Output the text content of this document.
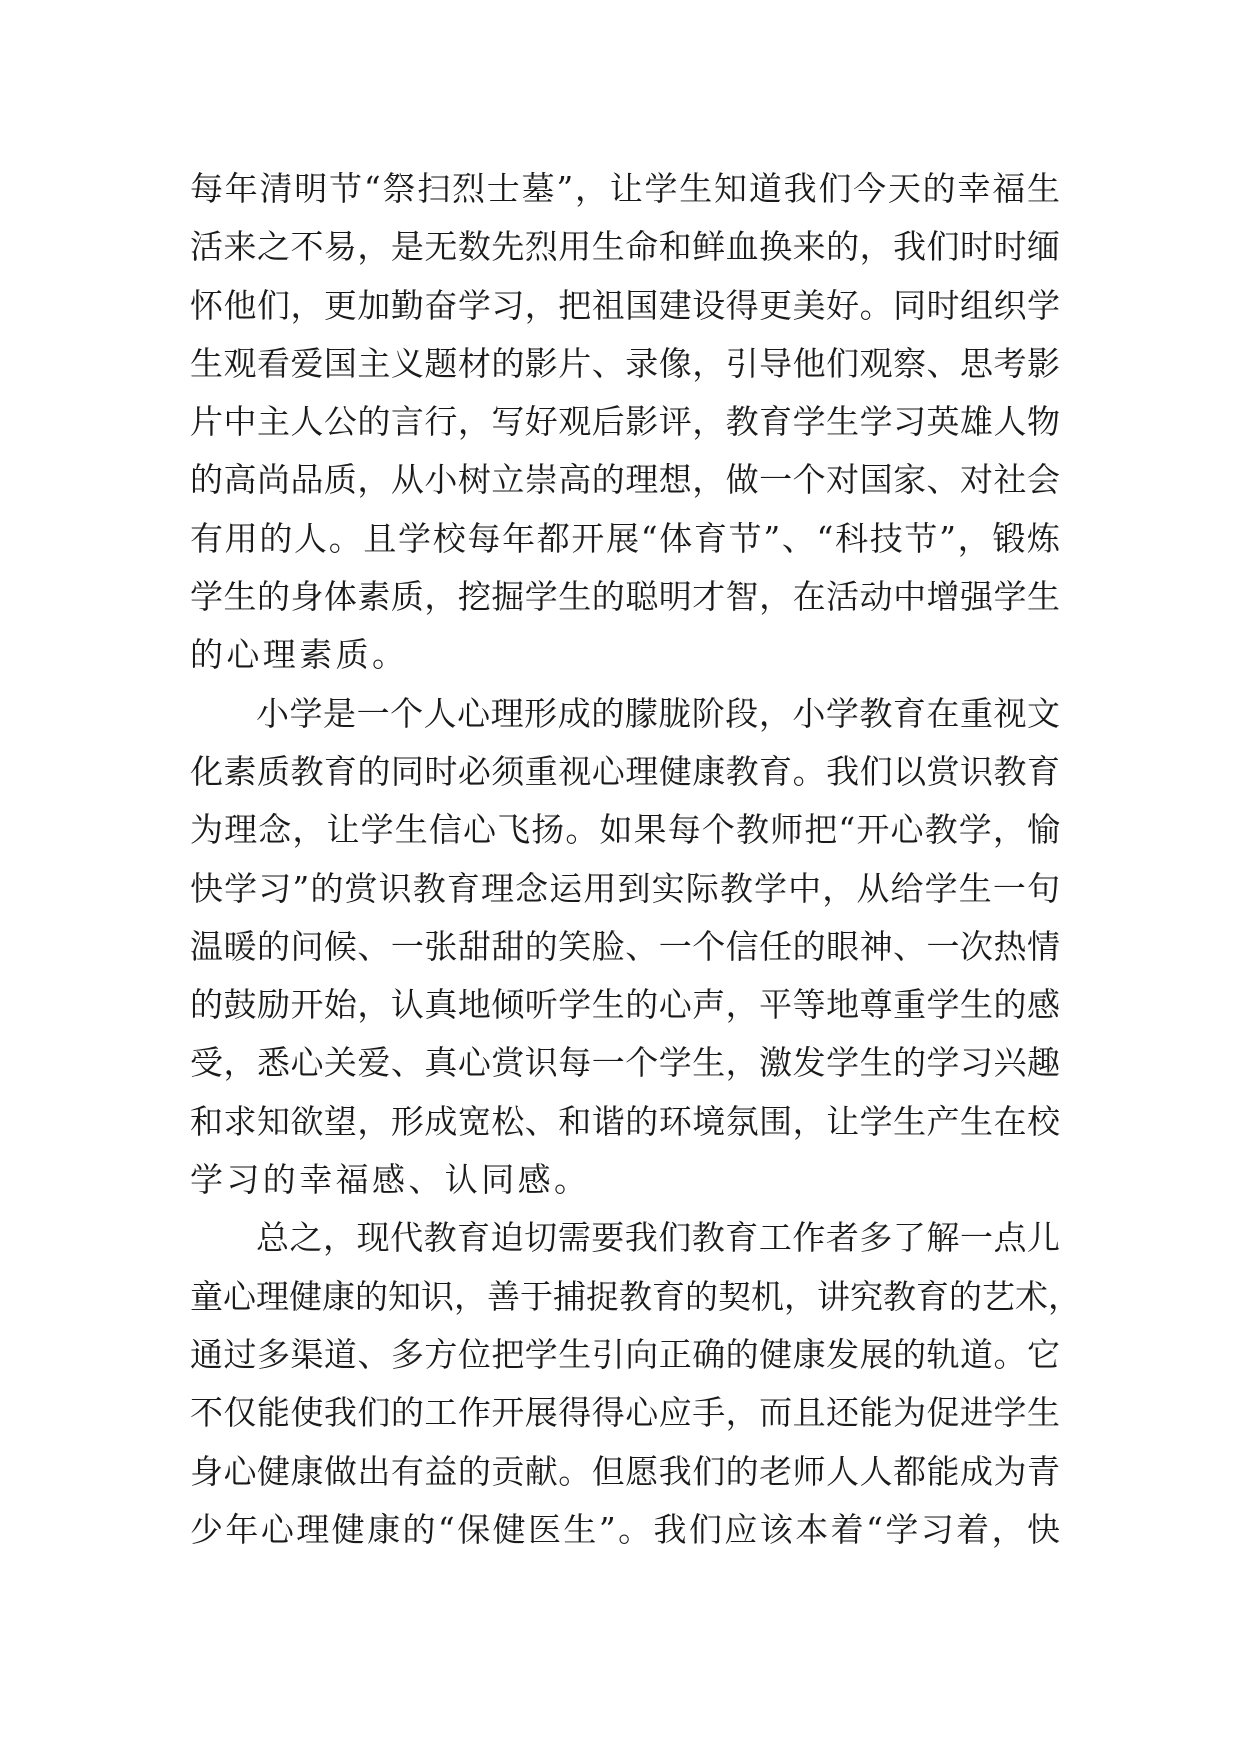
每年清明节“祭扫烈士墓”，让学生知道我们今天的幸福生
活来之不易，是无数先烈用生命和鲜血换来的，我们时时缅
怀他们，更加勤奋学习，把祖国建设得更美好。同时组织学
生观看爱国主义题材的影片、录像，引导他们观察、思考影
片中主人公的言行，写好观后影评，教育学生学习英雄人物
的高尚品质，从小树立崇高的理想，做一个对国家、对社会
有用的人。且学校每年都开展“体育节”、“科技节”，锻炼
学生的身体素质，挖掘学生的聪明才智，在活动中增强学生
的心理素质。
小学是一个人心理形成的朦胧阶段，小学教育在重视文
化素质教育的同时必须重视心理健康教育。我们以赏识教育
为理念，让学生信心飞扬。如果每个教师把“开心教学，愉
快学习”的赏识教育理念运用到实际教学中，从给学生一句
温暖的问候、一张甜甜的笑脸、一个信任的眼神、一次热情
的鼓励开始，认真地倾听学生的心声，平等地尊重学生的感
受，悉心关爱、真心赏识每一个学生，激发学生的学习兴趣
和求知欲望，形成宽松、和谐的环境氛围，让学生产生在校
学习的幸福感、认同感。
总之，现代教育迫切需要我们教育工作者多了解一点儿
童心理健康的知识，善于捕捉教育的契机，讲究教育的艺术，
通过多渠道、多方位把学生引向正确的健康发展的轨道。它
不仅能使我们的工作开展得得心应手，而且还能为促进学生
身心健康做出有益的贡献。但愿我们的老师人人都能成为青
少年心理健康的“保健医生”。我们应该本着“学习着，快
